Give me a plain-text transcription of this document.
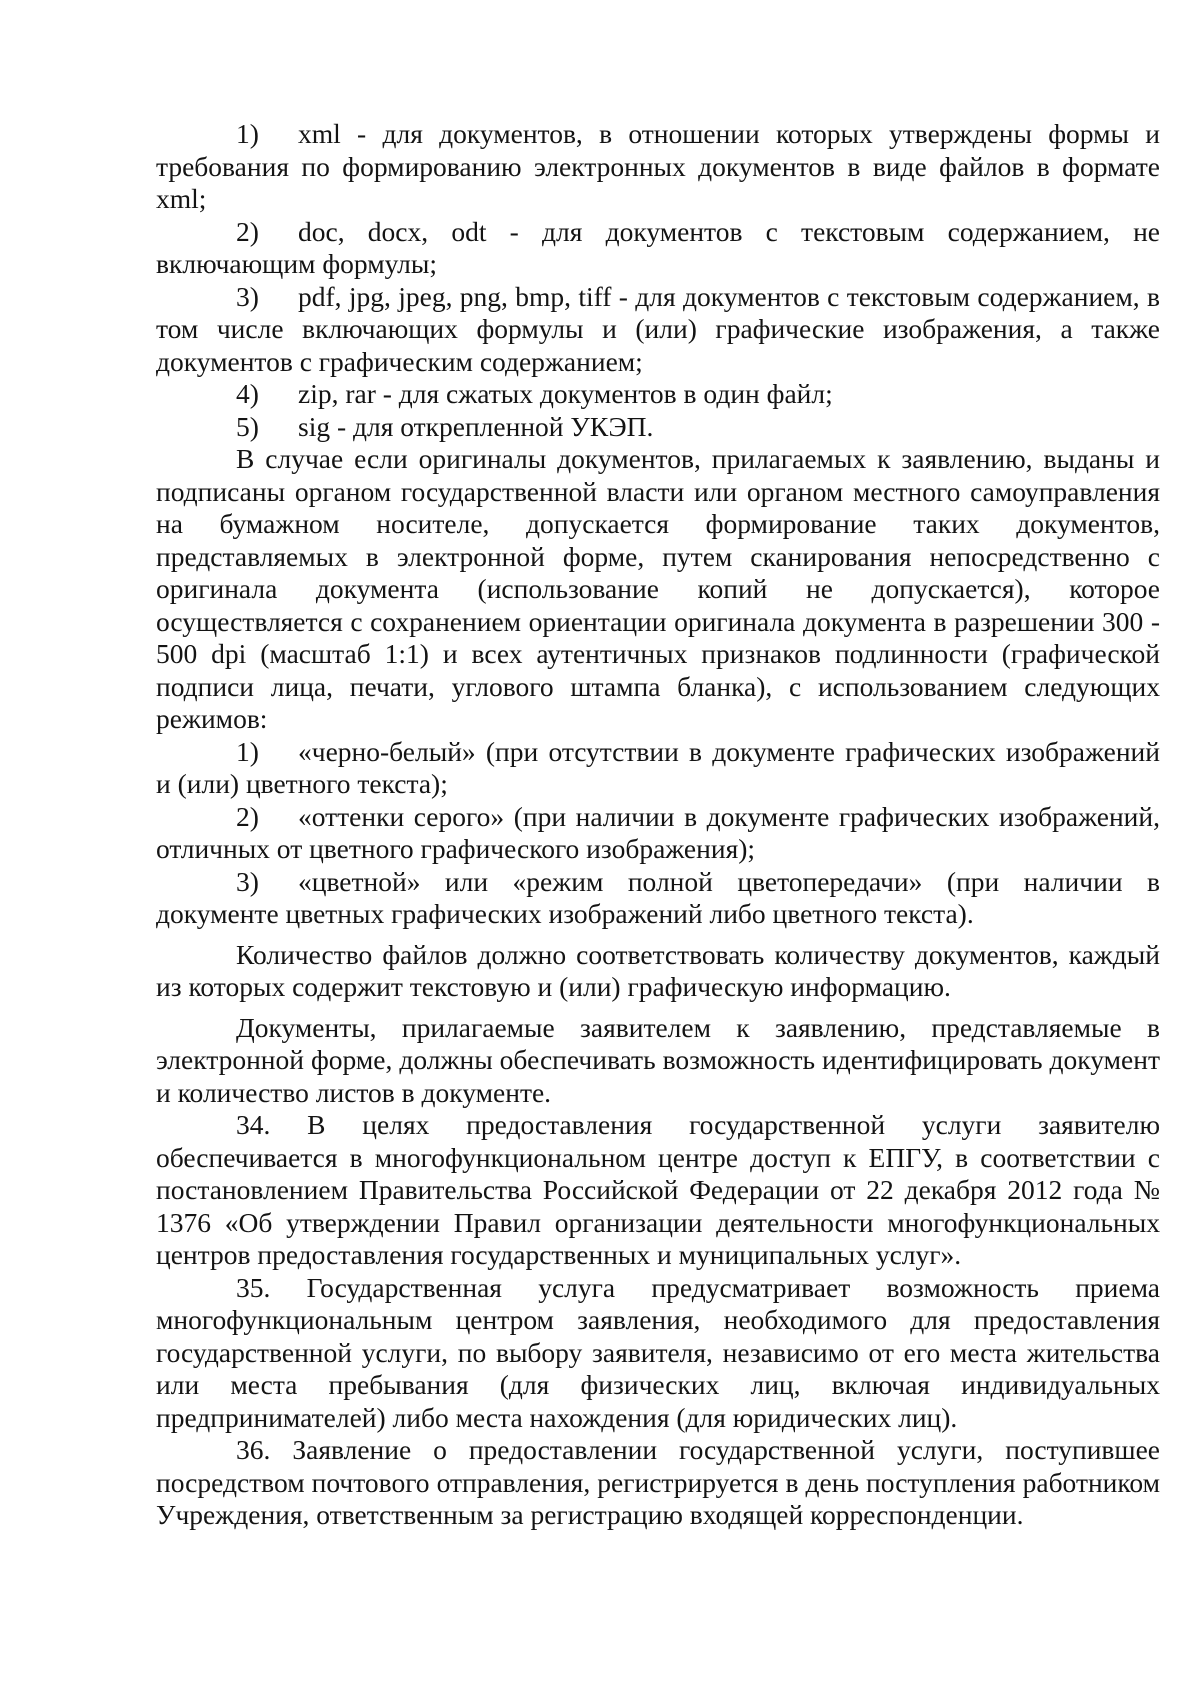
1) xml - для документов, в отношении которых утверждены формы и требования по формированию электронных документов в виде файлов в формате xml;

2) doc, docx, odt - для документов с текстовым содержанием, не включающим формулы;

3) pdf, jpg, jpeg, png, bmp, tiff - для документов с текстовым содержанием, в том числе включающих формулы и (или) графические изображения, а также документов с графическим содержанием;

4) zip, rar - для сжатых документов в один файл;

5) sig - для открепленной УКЭП.

В случае если оригиналы документов, прилагаемых к заявлению, выданы и подписаны органом государственной власти или органом местного самоуправления на бумажном носителе, допускается формирование таких документов, представляемых в электронной форме, путем сканирования непосредственно с оригинала документа (использование копий не допускается), которое осуществляется с сохранением ориентации оригинала документа в разрешении 300 - 500 dpi (масштаб 1:1) и всех аутентичных признаков подлинности (графической подписи лица, печати, углового штампа бланка), с использованием следующих режимов:

1) «черно-белый» (при отсутствии в документе графических изображений и (или) цветного текста);

2) «оттенки серого» (при наличии в документе графических изображений, отличных от цветного графического изображения);

3) «цветной» или «режим полной цветопередачи» (при наличии в документе цветных графических изображений либо цветного текста).

Количество файлов должно соответствовать количеству документов, каждый из которых содержит текстовую и (или) графическую информацию.

Документы, прилагаемые заявителем к заявлению, представляемые в электронной форме, должны обеспечивать возможность идентифицировать документ и количество листов в документе.

34. В целях предоставления государственной услуги заявителю обеспечивается в многофункциональном центре доступ к ЕПГУ, в соответствии с постановлением Правительства Российской Федерации от 22 декабря 2012 года № 1376 «Об утверждении Правил организации деятельности многофункциональных центров предоставления государственных и муниципальных услуг».

35. Государственная услуга предусматривает возможность приема многофункциональным центром заявления, необходимого для предоставления государственной услуги, по выбору заявителя, независимо от его места жительства или места пребывания (для физических лиц, включая индивидуальных предпринимателей) либо места нахождения (для юридических лиц).

36. Заявление о предоставлении государственной услуги, поступившее посредством почтового отправления, регистрируется в день поступления работником Учреждения, ответственным за регистрацию входящей корреспонденции.
